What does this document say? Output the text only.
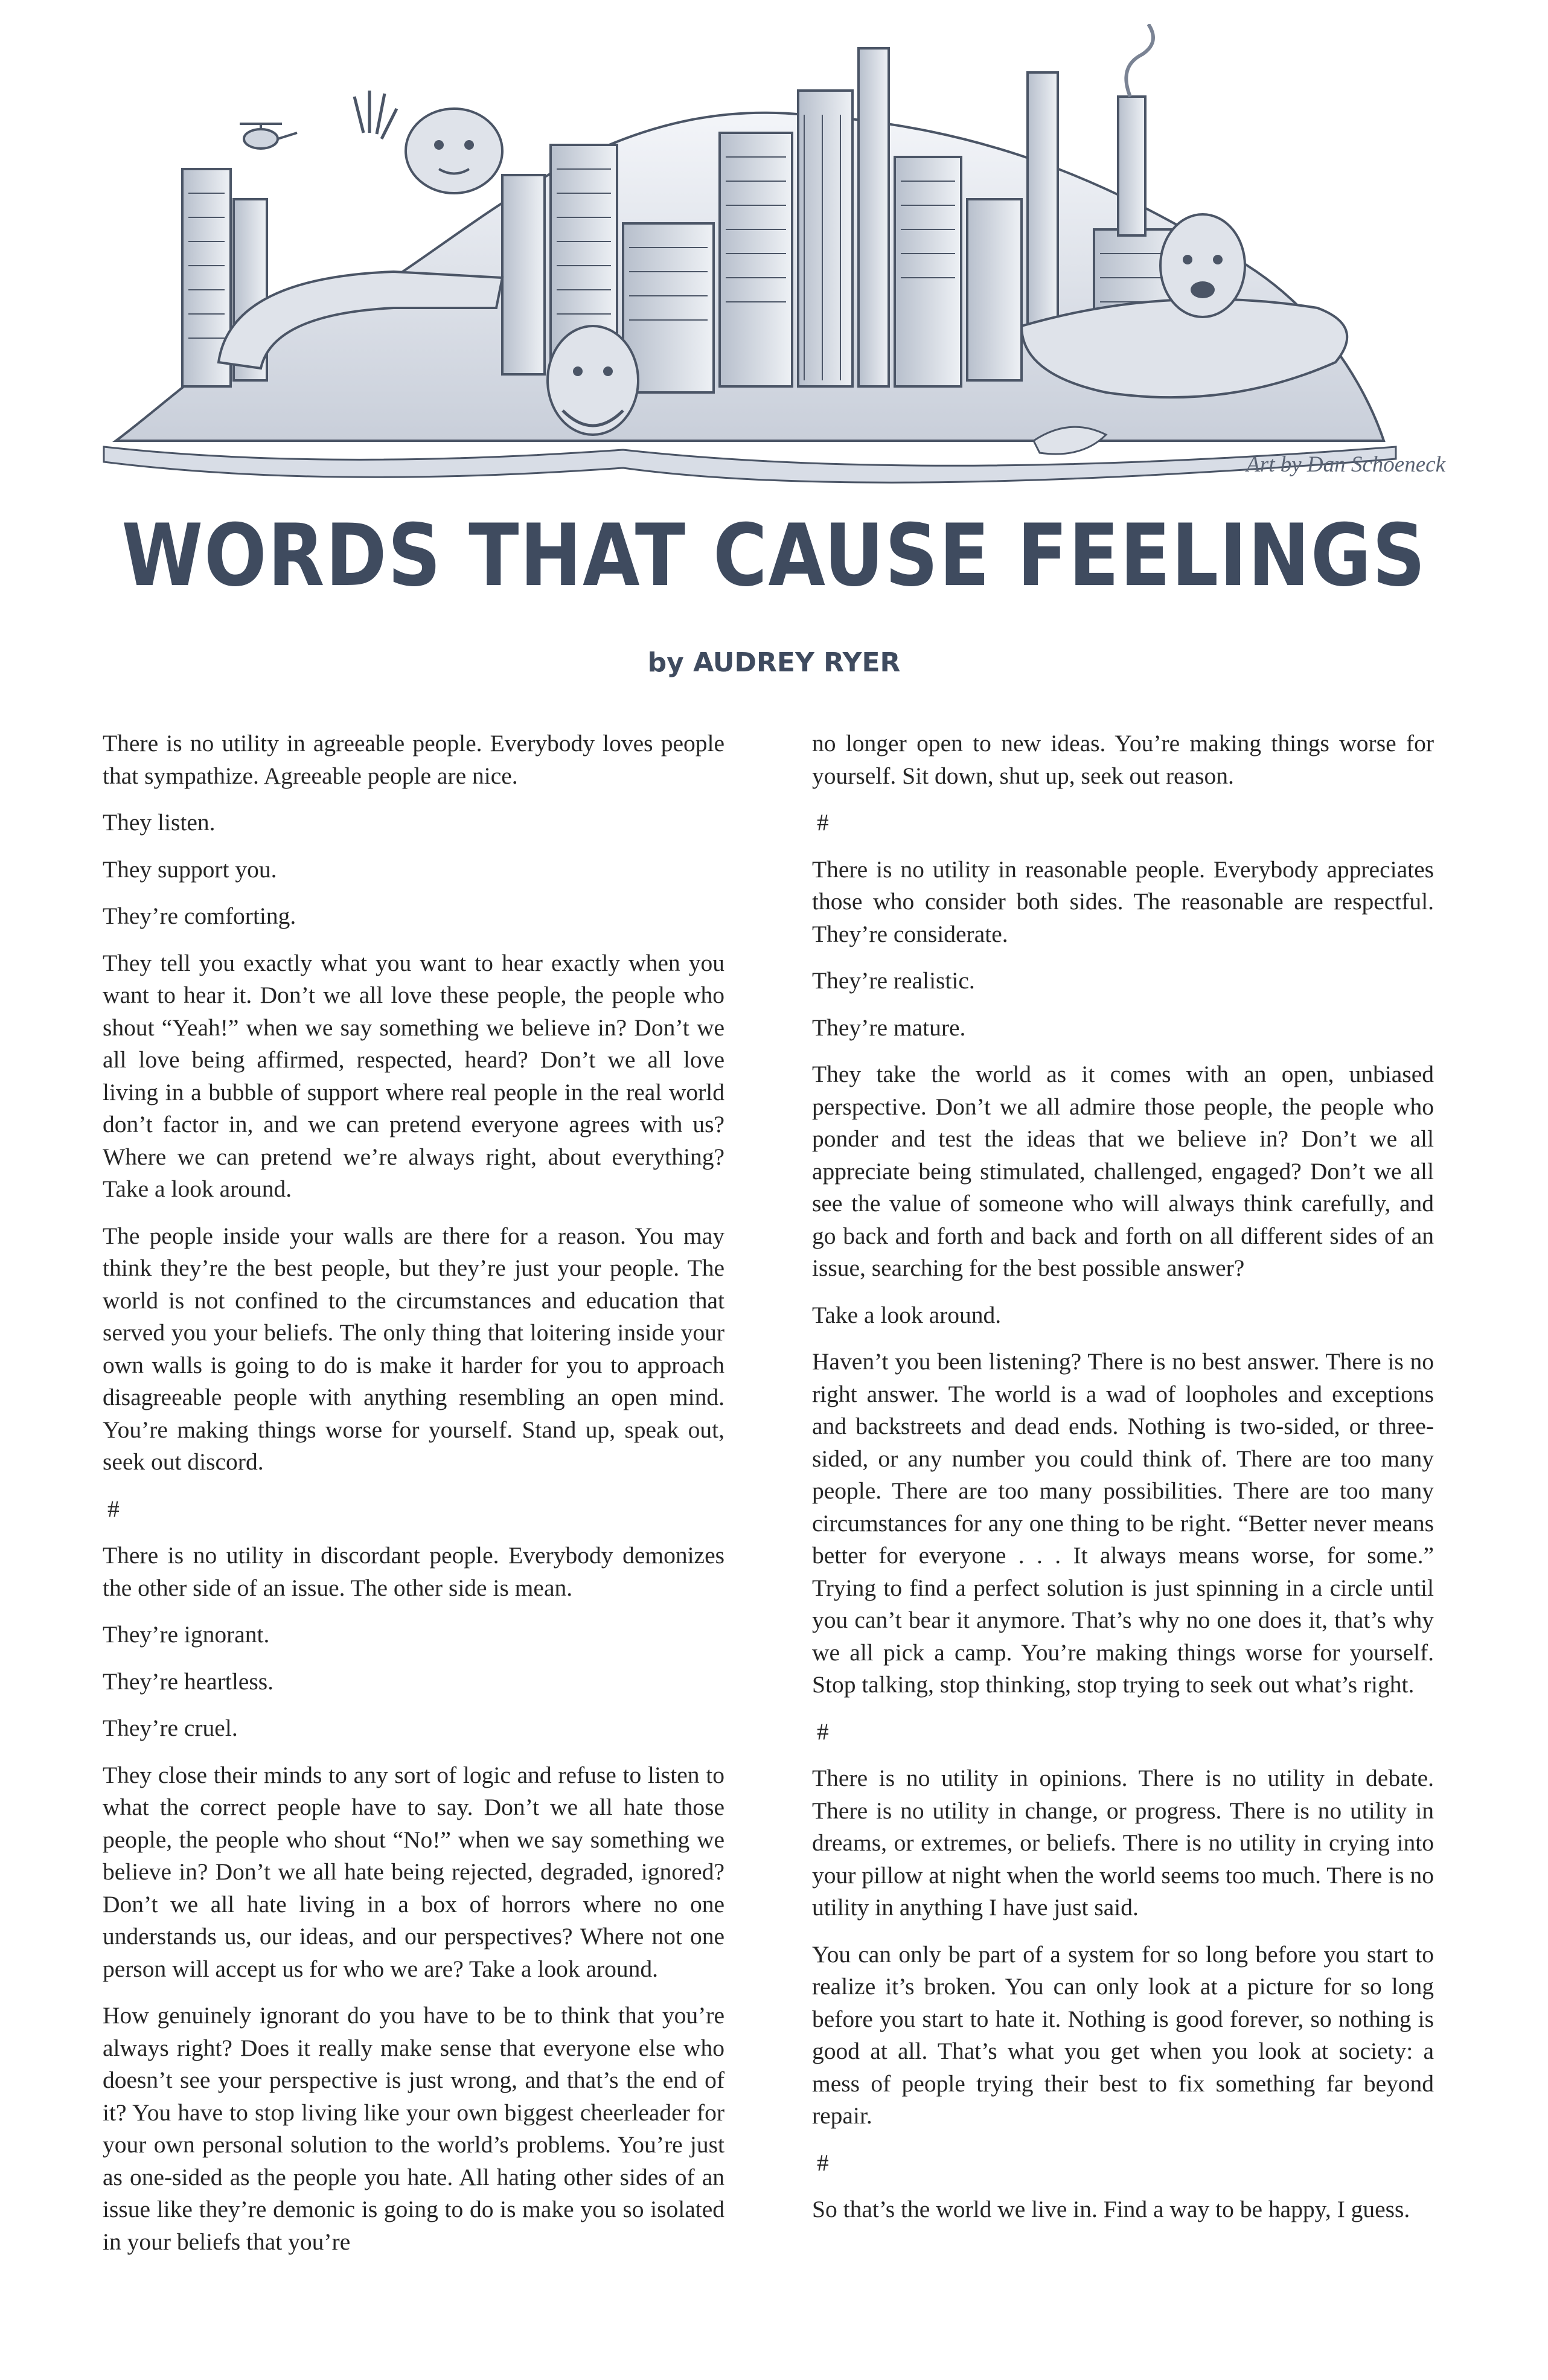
Art by Dan Schoeneck
WORDS THAT CAUSE FEELINGS
by AUDREY RYER

There is no utility in agreeable people. Everybody loves people that sympathize. Agreeable people are nice.

They listen.

They support you.

They’re comforting.

They tell you exactly what you want to hear exactly when you want to hear it. Don’t we all love these people, the people who shout “Yeah!” when we say something we believe in? Don’t we all love being affirmed, respected, heard? Don’t we all love living in a bubble of support where real people in the real world don’t factor in, and we can pretend everyone agrees with us? Where we can pretend we’re always right, about everything? Take a look around.

The people inside your walls are there for a reason. You may think they’re the best people, but they’re just your people. The world is not confined to the circumstances and education that served you your beliefs. The only thing that loitering inside your own walls is going to do is make it harder for you to approach disagreeable people with anything resembling an open mind. You’re making things worse for yourself. Stand up, speak out, seek out discord.

#

There is no utility in discordant people. Everybody demonizes the other side of an issue. The other side is mean.

They’re ignorant.

They’re heartless.

They’re cruel.

They close their minds to any sort of logic and refuse to listen to what the correct people have to say. Don’t we all hate those people, the people who shout “No!” when we say something we believe in? Don’t we all hate being rejected, degraded, ignored? Don’t we all hate living in a box of horrors where no one understands us, our ideas, and our perspectives? Where not one person will accept us for who we are? Take a look around.

How genuinely ignorant do you have to be to think that you’re always right? Does it really make sense that everyone else who doesn’t see your perspective is just wrong, and that’s the end of it? You have to stop living like your own biggest cheerleader for your own personal solution to the world’s problems. You’re just as one-sided as the people you hate. All hating other sides of an issue like they’re demonic is going to do is make you so isolated in your beliefs that you’re

no longer open to new ideas. You’re making things worse for yourself. Sit down, shut up, seek out reason.

#

There is no utility in reasonable people. Everybody appreciates those who consider both sides. The reasonable are respectful. They’re considerate.

They’re realistic.

They’re mature.

They take the world as it comes with an open, unbiased perspective. Don’t we all admire those people, the people who ponder and test the ideas that we believe in? Don’t we all appreciate being stimulated, challenged, engaged? Don’t we all see the value of someone who will always think carefully, and go back and forth and back and forth on all different sides of an issue, searching for the best possible answer?

Take a look around.

Haven’t you been listening? There is no best answer. There is no right answer. The world is a wad of loopholes and exceptions and backstreets and dead ends. Nothing is two-sided, or three-sided, or any number you could think of. There are too many people. There are too many possibilities. There are too many circumstances for any one thing to be right. “Better never means better for everyone . . . It always means worse, for some.” Trying to find a perfect solution is just spinning in a circle until you can’t bear it anymore. That’s why no one does it, that’s why we all pick a camp. You’re making things worse for yourself. Stop talking, stop thinking, stop trying to seek out what’s right.

#

There is no utility in opinions. There is no utility in debate. There is no utility in change, or progress. There is no utility in dreams, or extremes, or beliefs. There is no utility in crying into your pillow at night when the world seems too much. There is no utility in anything I have just said.

You can only be part of a system for so long before you start to realize it’s broken. You can only look at a picture for so long before you start to hate it. Nothing is good forever, so nothing is good at all. That’s what you get when you look at society: a mess of people trying their best to fix something far beyond repair.

#

So that’s the world we live in. Find a way to be happy, I guess.
